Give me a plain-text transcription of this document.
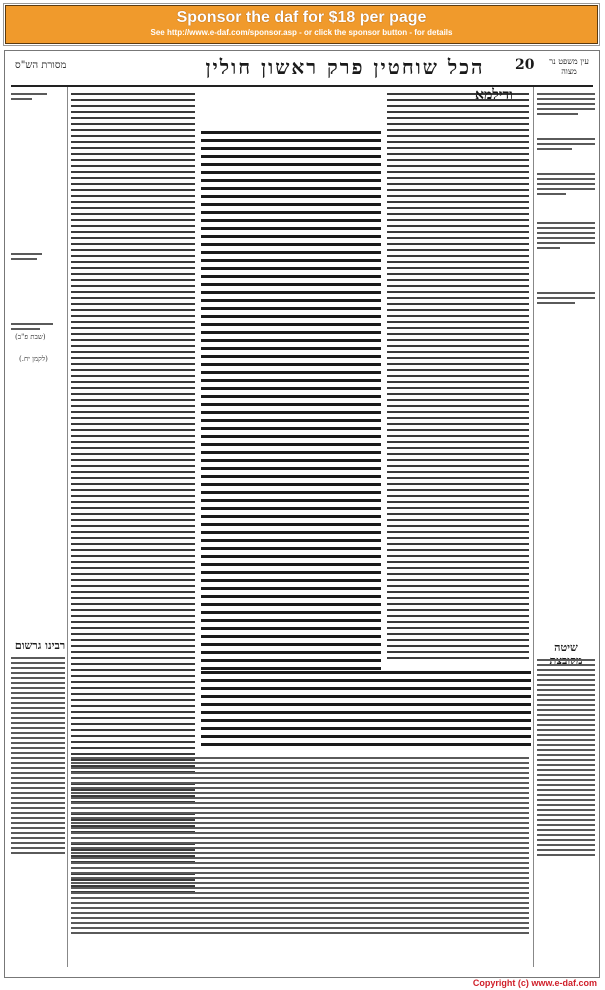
Sponsor the daf for $18 per page
See http://www.e-daf.com/sponsor.asp - or click the sponsor button - for details
מסורת הש"ס	הכל שוחטין פרק ראשון חולין	20	עין משפט נר מצוה
(שבת פ"ב)
(לקמן יח.)
רבינו גרשום
ודילמא
שיטה
Copyright (c) www.e-daf.com
